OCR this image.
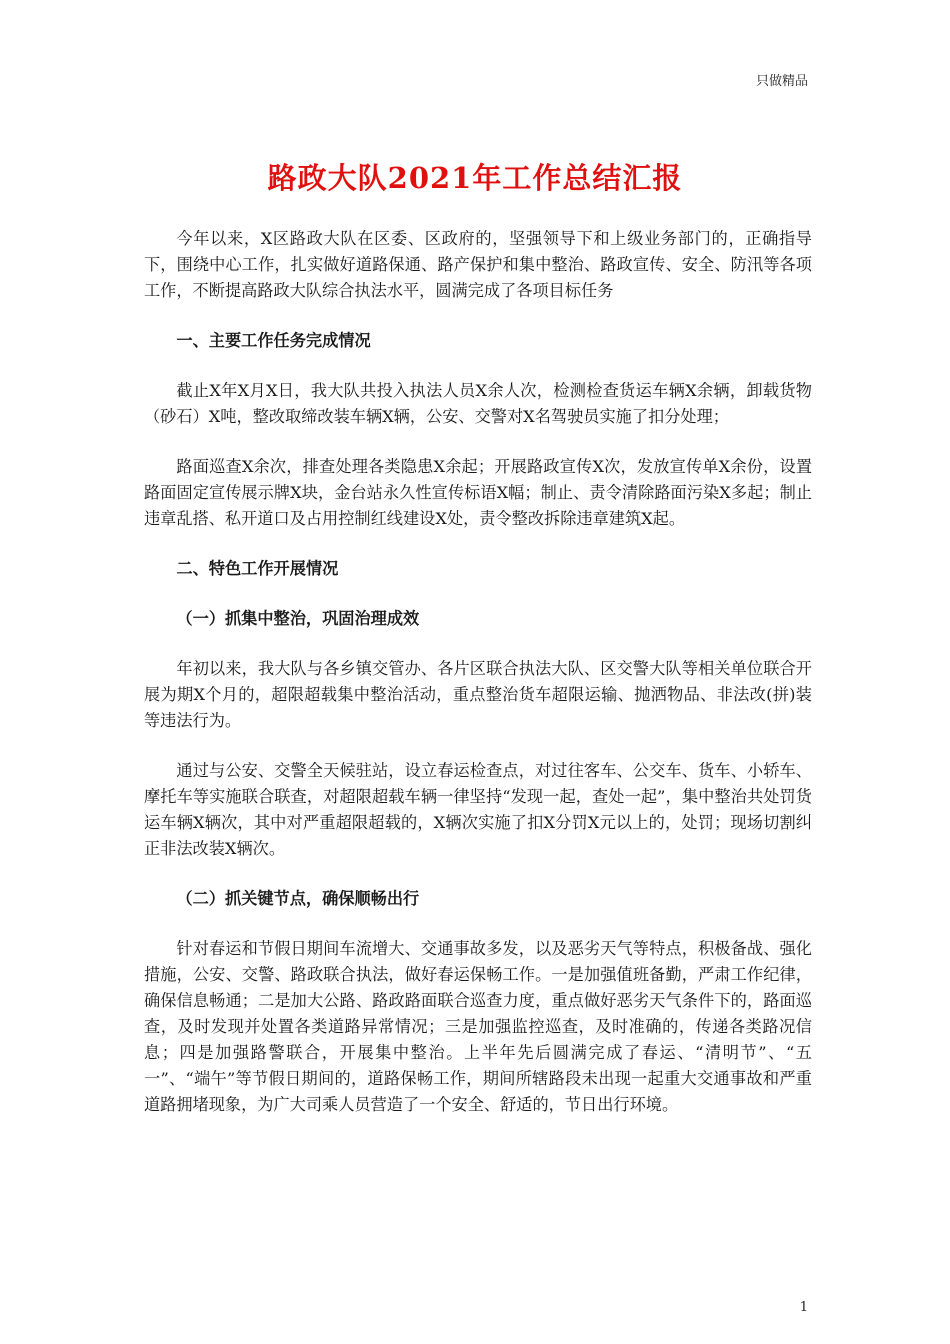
只做精品
路政大队2021年工作总结汇报

今年以来，X区路政大队在区委、区政府的，坚强领导下和上级业务部门的，正确指导下，围绕中心工作，扎实做好道路保通、路产保护和集中整治、路政宣传、安全、防汛等各项工作，不断提高路政大队综合执法水平，圆满完成了各项目标任务

一、主要工作任务完成情况

截止X年X月X日，我大队共投入执法人员X余人次，检测检查货运车辆X余辆，卸载货物（砂石）X吨，整改取缔改装车辆X辆，公安、交警对X名驾驶员实施了扣分处理；

路面巡查X余次，排查处理各类隐患X余起；开展路政宣传X次，发放宣传单X余份，设置路面固定宣传展示牌X块，金台站永久性宣传标语X幅；制止、责令清除路面污染X多起；制止违章乱搭、私开道口及占用控制红线建设X处，责令整改拆除违章建筑X起。

二、特色工作开展情况

（一）抓集中整治，巩固治理成效

年初以来，我大队与各乡镇交管办、各片区联合执法大队、区交警大队等相关单位联合开展为期X个月的，超限超载集中整治活动，重点整治货车超限运输、抛洒物品、非法改(拼)装等违法行为。

通过与公安、交警全天候驻站，设立春运检查点，对过往客车、公交车、货车、小轿车、摩托车等实施联合联查，对超限超载车辆一律坚持“发现一起，查处一起”，集中整治共处罚货运车辆X辆次，其中对严重超限超载的，X辆次实施了扣X分罚X元以上的，处罚；现场切割纠正非法改装X辆次。

（二）抓关键节点，确保顺畅出行

针对春运和节假日期间车流增大、交通事故多发，以及恶劣天气等特点，积极备战、强化措施，公安、交警、路政联合执法，做好春运保畅工作。一是加强值班备勤，严肃工作纪律，确保信息畅通；二是加大公路、路政路面联合巡查力度，重点做好恶劣天气条件下的，路面巡查，及时发现并处置各类道路异常情况；三是加强监控巡查，及时准确的，传递各类路况信息；四是加强路警联合，开展集中整治。上半年先后圆满完成了春运、“清明节”、“五一”、“端午”等节假日期间的，道路保畅工作，期间所辖路段未出现一起重大交通事故和严重道路拥堵现象，为广大司乘人员营造了一个安全、舒适的，节日出行环境。

1
